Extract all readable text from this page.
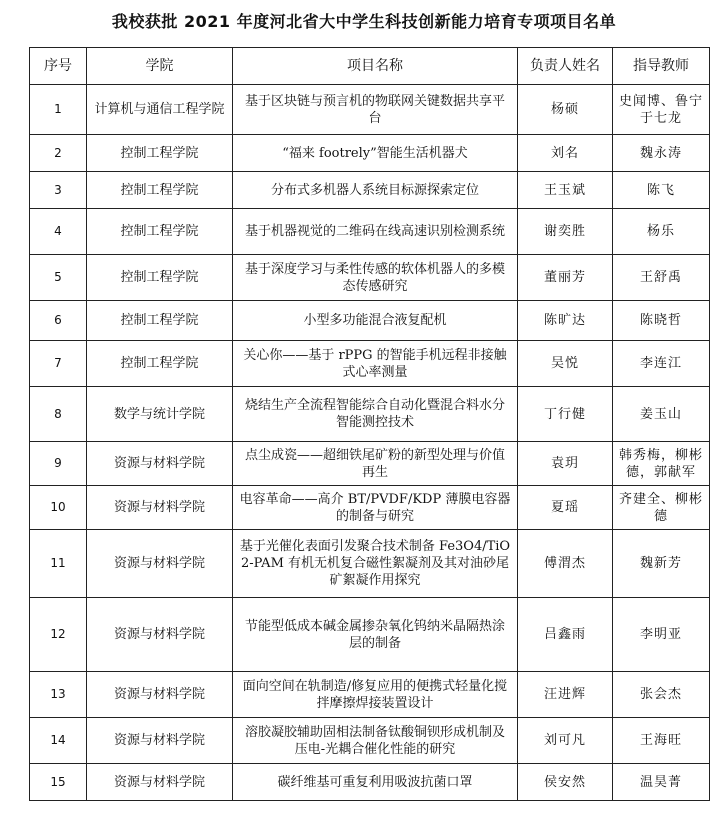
我校获批 2021 年度河北省大中学生科技创新能力培育专项项目名单
序号	学院	项目名称	负责人姓名	指导教师
1	计算机与通信工程学院	基于区块链与预言机的物联网关键数据共享平台	杨硕	史闻博、鲁宁 于七龙
2	控制工程学院	“福来 footrely”智能生活机器犬	刘名	魏永涛
3	控制工程学院	分布式多机器人系统目标源探索定位	王玉斌	陈飞
4	控制工程学院	基于机器视觉的二维码在线高速识别检测系统	谢奕胜	杨乐
5	控制工程学院	基于深度学习与柔性传感的软体机器人的多模态传感研究	董丽芳	王舒禹
6	控制工程学院	小型多功能混合液复配机	陈旷达	陈晓哲
7	控制工程学院	关心你——基于 rPPG 的智能手机远程非接触式心率测量	吴悦	李连江
8	数学与统计学院	烧结生产全流程智能综合自动化暨混合料水分智能测控技术	丁行健	姜玉山
9	资源与材料学院	点尘成瓷——超细铁尾矿粉的新型处理与价值再生	袁玥	韩秀梅，柳彬德，郭献军
10	资源与材料学院	电容革命——高介 BT/PVDF/KDP 薄膜电容器的制备与研究	夏瑶	齐建全、柳彬德
11	资源与材料学院	基于光催化表面引发聚合技术制备 Fe3O4/TiO2-PAM 有机无机复合磁性絮凝剂及其对油砂尾矿絮凝作用探究	傅渭杰	魏新芳
12	资源与材料学院	节能型低成本碱金属掺杂氧化钨纳米晶隔热涂层的制备	吕鑫雨	李明亚
13	资源与材料学院	面向空间在轨制造/修复应用的便携式轻量化搅拌摩擦焊接装置设计	汪进辉	张会杰
14	资源与材料学院	溶胶凝胶辅助固相法制备钛酸铜钡形成机制及压电-光耦合催化性能的研究	刘可凡	王海旺
15	资源与材料学院	碳纤维基可重复利用吸波抗菌口罩	侯安然	温昊菁
